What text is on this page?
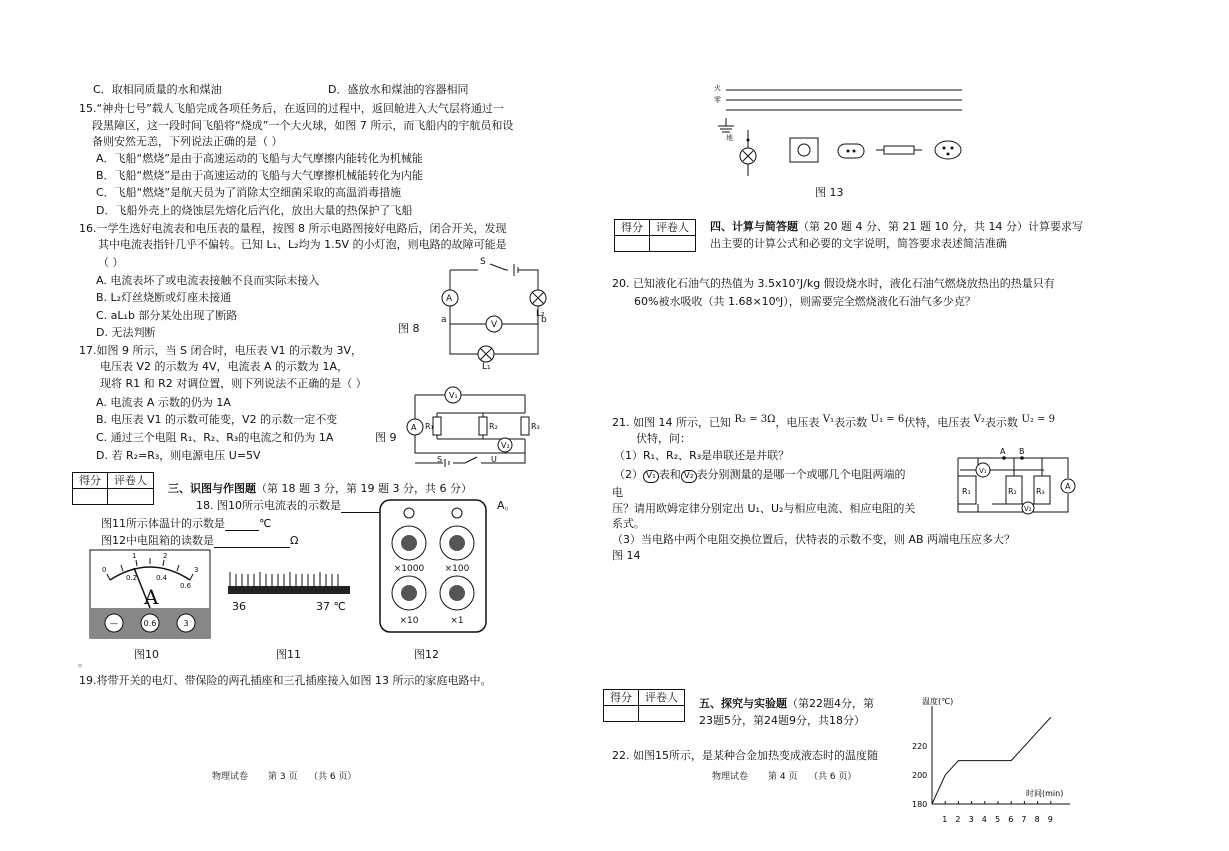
C．取相同质量的水和煤油	D．盛放水和煤油的容器相同
15.“神舟七号”载人飞船完成各项任务后，在返回的过程中，返回舱进入大气层将通过一
段黑障区，这一段时间飞船将“烧成”一个大火球，如图 7 所示，而飞船内的宇航员和设
备则安然无恙，下列说法正确的是（ ）
A．飞船“燃烧”是由于高速运动的飞船与大气摩擦内能转化为机械能
B．飞船“燃烧”是由于高速运动的飞船与大气摩擦机械能转化为内能
C．飞船“燃烧”是航天员为了消除太空细菌采取的高温消毒措施
D．飞船外壳上的烧蚀层先熔化后汽化，放出大量的热保护了飞船
16.一学生选好电流表和电压表的量程，按图 8 所示电路图接好电路后，闭合开关，发现
其中电流表指针几乎不偏转。已知 L₁、L₂均为 1.5V 的小灯泡，则电路的故障可能是
（ ）
A. 电流表坏了或电流表接触不良而实际未接入
B. L₂灯丝烧断或灯座未接通
C. aL₁b 部分某处出现了断路
D. 无法判断	图 8
A
V
S
a	b
L₂
L₁
17.如图 9 所示，当 S 闭合时，电压表 V1 的示数为 3V，
电压表 V2 的示数为 4V，电流表 A 的示数为 1A，
现将 R1 和 R2 对调位置，则下列说法不正确的是（ ）
A. 电流表 A 示数的仍为 1A
B. 电压表 V1 的示数可能变，V2 的示数一定不变
C. 通过三个电阻 R₁、R₂、R₃的电流之和仍为 1A	图 9
D. 若 R₂=R₃，则电源电压 U=5V
A
V₁
V₂
R₁	R₂	R₃
S	U
得分	评卷人

三、识图与作图题（第 18 题 3 分，第 19 题 3 分，共 6 分）
18. 图10所示电流表的示数是	A。
图11所示体温计的示数是	℃
图12中电阻箱的读数是	Ω
A
0
1	2
3
0.2	0.4
0.6
—	0.6	3
图10
36	37 ℃
图11
×1000 ×100
×10	×1
图12
。
19.将带开关的电灯、带保险的两孔插座和三孔插座接入如图 13 所示的家庭电路中。
物理试卷 第 3 页 （共 6 页）
火
零
地
图 13
得分	评卷人
	四、计算与简答题（第 20 题 4 分、第 21 题 10 分，共 14 分）计算要求写
出主要的计算公式和必要的文字说明，简答要求表述简洁准确
20. 已知液化石油气的热值为 3.5x10⁷J/kg 假设烧水时，液化石油气燃烧放热出的热量只有
60%被水吸收（共 1.68×10⁶J），则需要完全燃烧液化石油气多少克？
21. 如图 14 所示，已知 R₂ = 3Ω，电压表 V₁表示数 U₁ = 6伏特，电压表 V₂表示数 U₂ = 9
伏特，问：
（1）R₁、R₂、R₃是串联还是并联？
（2） V₁ 表和 V₂ 表分别测量的是哪一个或哪几个电阻两端的
电
压？请用欧姆定律分别定出 U₁、U₂与相应电流、相应电阻的关
系式。
（3）当电路中两个电阻交换位置后，伏特表的示数不变，则 AB 两端电压应多大？
图 14
A B
R₁	R₂ R₃
V₁
V₂
A
得分	评卷人
	五、探究与实验题（第22题4分，第
23题5分，第24题9分，共18分）
22. 如图15所示，是某种合金加热变成液态时的温度随
物理试卷 第 4 页 （共 6 页）
温度(℃)
时间(min)
1 2 3 4 5 6 7 8 9
180
200
220
